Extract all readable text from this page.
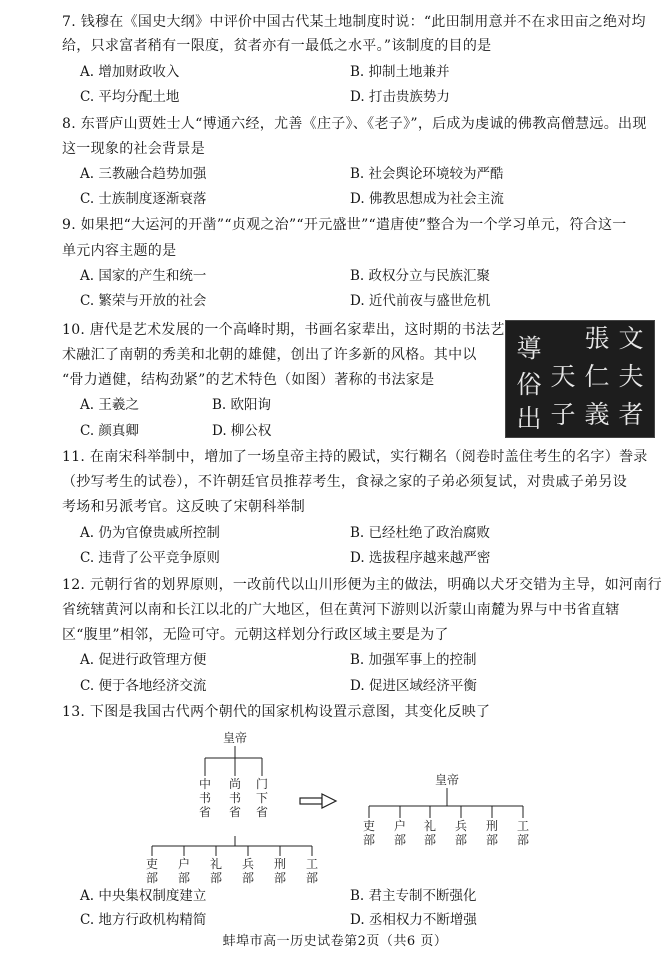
7. 钱穆在《国史大纲》中评价中国古代某土地制度时说：“此田制用意并不在求田亩之绝对均
给，只求富者稍有一限度，贫者亦有一最低之水平。”该制度的目的是
A. 增加财政收入	B. 抑制土地兼并
C. 平均分配土地	D. 打击贵族势力
8. 东晋庐山贾姓士人“博通六经，尤善《庄子》、《老子》”，后成为虔诚的佛教高僧慧远。出现
这一现象的社会背景是
A. 三教融合趋势加强	B. 社会舆论环境较为严酷
C. 士族制度逐渐衰落	D. 佛教思想成为社会主流
9. 如果把“大运河的开凿”“贞观之治”“开元盛世”“遣唐使”整合为一个学习单元，符合这一
单元内容主题的是
A. 国家的产生和统一	B. 政权分立与民族汇聚
C. 繁荣与开放的社会	D. 近代前夜与盛世危机
10. 唐代是艺术发展的一个高峰时期，书画名家辈出，这时期的书法艺
术融汇了南朝的秀美和北朝的雄健，创出了许多新的风格。其中以
“骨力遒健，结构劲紧”的艺术特色（如图）著称的书法家是
A. 王羲之	B. 欧阳询
C. 颜真卿	D. 柳公权
文
夫
者
張
仁
義
導
天
子
俗
出
11. 在南宋科举制中，增加了一场皇帝主持的殿试，实行糊名（阅卷时盖住考生的名字）誊录
（抄写考生的试卷），不许朝廷官员推荐考生，食禄之家的子弟必须复试，对贵戚子弟另设
考场和另派考官。这反映了宋朝科举制
A. 仍为官僚贵戚所控制	B. 已经杜绝了政治腐败
C. 违背了公平竞争原则	D. 选拔程序越来越严密
12. 元朝行省的划界原则，一改前代以山川形便为主的做法，明确以犬牙交错为主导，如河南行
省统辖黄河以南和长江以北的广大地区，但在黄河下游则以沂蒙山南麓为界与中书省直辖
区“腹里”相邻，无险可守。元朝这样划分行政区域主要是为了
A. 促进行政管理方便	B. 加强军事上的控制
C. 便于各地经济交流	D. 促进区域经济平衡
13. 下图是我国古代两个朝代的国家机构设置示意图，其变化反映了
皇帝
中书省
尚书省
门下省
吏部
户部
礼部
兵部
刑部
工部
皇帝
吏部
户部
礼部
兵部
刑部
工部
A. 中央集权制度建立	B. 君主专制不断强化
C. 地方行政机构精简	D. 丞相权力不断增强
蚌埠市高一历史试卷第2页（共6 页）
